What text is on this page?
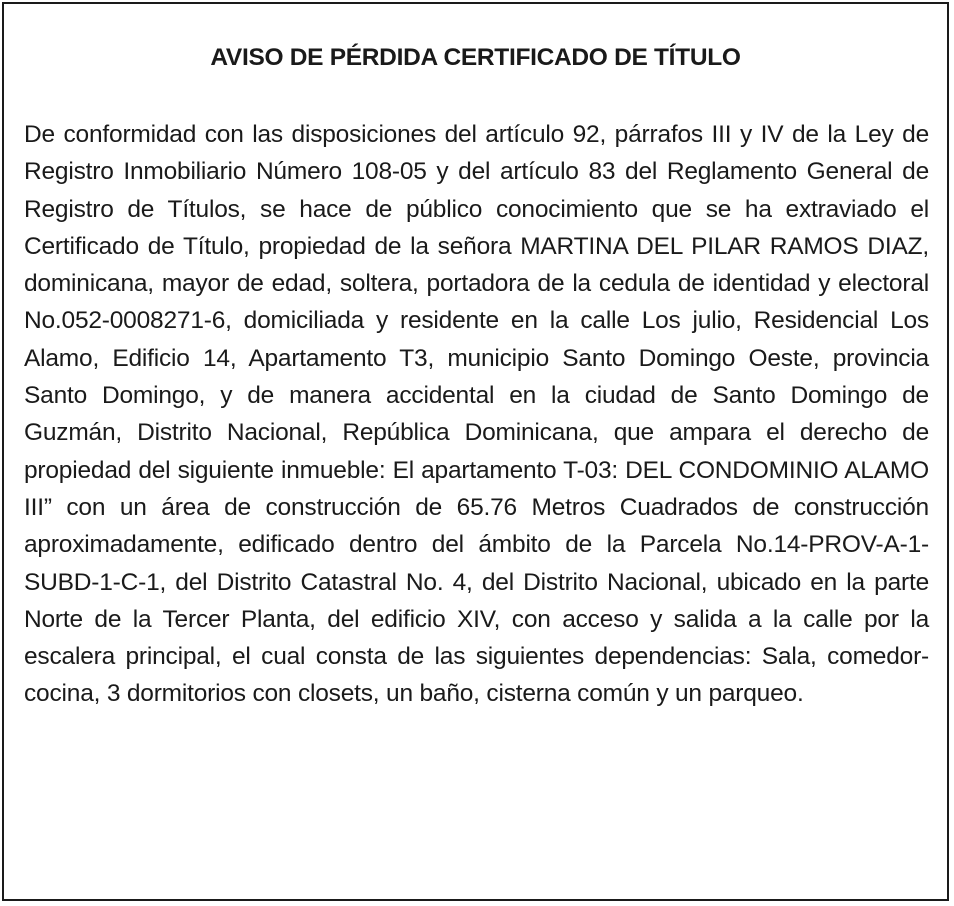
AVISO DE PÉRDIDA CERTIFICADO DE TÍTULO

De conformidad con las disposiciones del artículo 92, párrafos III y IV de la Ley de Registro Inmobiliario Número 108-05 y del artículo 83 del Reglamento General de Registro de Títulos, se hace de público conocimiento que se ha extraviado el Certificado de Título, propiedad de la señora MARTINA DEL PILAR RAMOS DIAZ, dominicana, mayor de edad, soltera, portadora de la cedula de identidad y electoral No.052-0008271-6, domiciliada y residente en la calle Los julio, Residencial Los Alamo, Edificio 14, Apartamento T3, municipio Santo Domingo Oeste, provincia Santo Domingo, y de manera accidental en la ciudad de Santo Domingo de Guzmán, Distrito Nacional, República Dominicana, que ampara el derecho de propiedad del siguiente inmueble: El apartamento T-03: DEL CONDOMINIO ALAMO III” con un área de construcción de 65.76 Metros Cuadrados de construcción aproximadamente, edificado dentro del ámbito de la Parcela No.14-PROV-A-1-SUBD-1-C-1, del Distrito Catastral No. 4, del Distrito Nacional, ubicado en la parte Norte de la Tercer Planta, del edificio XIV, con acceso y salida a la calle por la escalera principal, el cual consta de las siguientes dependencias: Sala, comedor-cocina, 3 dormitorios con closets, un baño, cisterna común y un parqueo.
